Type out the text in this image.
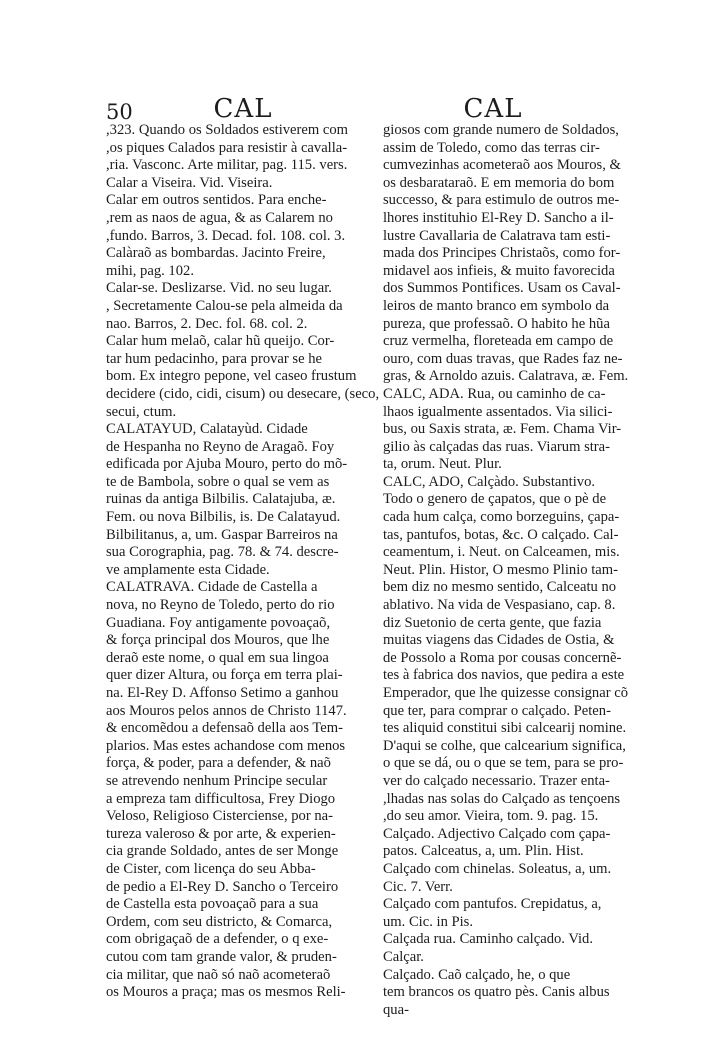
50	CAL	CAL
,323. Quando os Soldados estiverem com
,os piques Calados para resistir à cavalla-
,ria. Vasconc. Arte militar, pag. 115. vers.
Calar a Viseira. Vid. Viseira.
Calar em outros sentidos. Para enche-
,rem as naos de agua, & as Calarem no
,fundo. Barros, 3. Decad. fol. 108. col. 3.
Calàraõ as bombardas. Jacinto Freire,
mihi, pag. 102.
Calar-se. Deslizarse. Vid. no seu lugar.
, Secretamente Calou-se pela almeida da
nao. Barros, 2. Dec. fol. 68. col. 2.
Calar hum melaõ, calar hũ queijo. Cor-
tar hum pedacinho, para provar se he
bom. Ex integro pepone, vel caseo frustum
decidere (cido, cidi, cisum) ou desecare, (seco,
secui, ctum.
CALATAYUD, Calatayùd. Cidade
de Hespanha no Reyno de Aragaõ. Foy
edificada por Ajuba Mouro, perto do mõ-
te de Bambola, sobre o qual se vem as
ruinas da antiga Bilbilis. Calatajuba, æ.
Fem. ou nova Bilbilis, is. De Calatayud.
Bilbilitanus, a, um. Gaspar Barreiros na
sua Corographia, pag. 78. & 74. descre-
ve amplamente esta Cidade.
CALATRAVA. Cidade de Castella a
nova, no Reyno de Toledo, perto do rio
Guadiana. Foy antigamente povoaçaõ,
& força principal dos Mouros, que lhe
deraõ este nome, o qual em sua lingoa
quer dizer Altura, ou força em terra plai-
na. El-Rey D. Affonso Setimo a ganhou
aos Mouros pelos annos de Christo 1147.
& encomẽdou a defensaõ della aos Tem-
plarios. Mas estes achandose com menos
força, & poder, para a defender, & naõ
se atrevendo nenhum Principe secular
a empreza tam difficultosa, Frey Diogo
Veloso, Religioso Cisterciense, por na-
tureza valeroso & por arte, & experien-
cia grande Soldado, antes de ser Monge
de Cister, com licença do seu Abba-
de pedio a El-Rey D. Sancho o Terceiro
de Castella esta povoaçaõ para a sua
Ordem, com seu districto, & Comarca,
com obrigaçaõ de a defender, o q exe-
cutou com tam grande valor, & pruden-
cia militar, que naõ só naõ acometeraõ
os Mouros a praça; mas os mesmos Reli-
giosos com grande numero de Soldados,
assim de Toledo, como das terras cir-
cumvezinhas acometeraõ aos Mouros, &
os desbarataraõ. E em memoria do bom
successo, & para estimulo de outros me-
lhores instituhio El-Rey D. Sancho a il-
lustre Cavallaria de Calatrava tam esti-
mada dos Principes Christaõs, como for-
midavel aos infieis, & muito favorecida
dos Summos Pontifices. Usam os Caval-
leiros de manto branco em symbolo da
pureza, que professaõ. O habito he hũa
cruz vermelha, floreteada em campo de
ouro, com duas travas, que Rades faz ne-
gras, & Arnoldo azuis. Calatrava, æ. Fem.
CALC, ADA. Rua, ou caminho de ca-
lhaos igualmente assentados. Via silici-
bus, ou Saxis strata, æ. Fem. Chama Vir-
gilio às calçadas das ruas. Viarum stra-
ta, orum. Neut. Plur.
CALC, ADO, Calçàdo. Substantivo.
Todo o genero de çapatos, que o pè de
cada hum calça, como borzeguins, çapa-
tas, pantufos, botas, &c. O calçado. Cal-
ceamentum, i. Neut. on Calceamen, mis.
Neut. Plin. Histor, O mesmo Plinio tam-
bem diz no mesmo sentido, Calceatu no
ablativo. Na vida de Vespasiano, cap. 8.
diz Suetonio de certa gente, que fazia
muitas viagens das Cidades de Ostia, &
de Possolo a Roma por cousas concernẽ-
tes à fabrica dos navios, que pedira a este
Emperador, que lhe quizesse consignar cõ
que ter, para comprar o calçado. Peten-
tes aliquid constitui sibi calcearij nomine.
D'aqui se colhe, que calcearium significa,
o que se dá, ou o que se tem, para se pro-
ver do calçado necessario. Trazer enta-
,lhadas nas solas do Calçado as tençoens
,do seu amor. Vieira, tom. 9. pag. 15.
Calçado. Adjectivo Calçado com çapa-
patos. Calceatus, a, um. Plin. Hist.
Calçado com chinelas. Soleatus, a, um.
Cic. 7. Verr.
Calçado com pantufos. Crepidatus, a,
um. Cic. in Pis.
Calçada rua. Caminho calçado. Vid.
Calçar.
Calçado. Caõ calçado, he, o que
tem brancos os quatro pès. Canis albus
qua-
